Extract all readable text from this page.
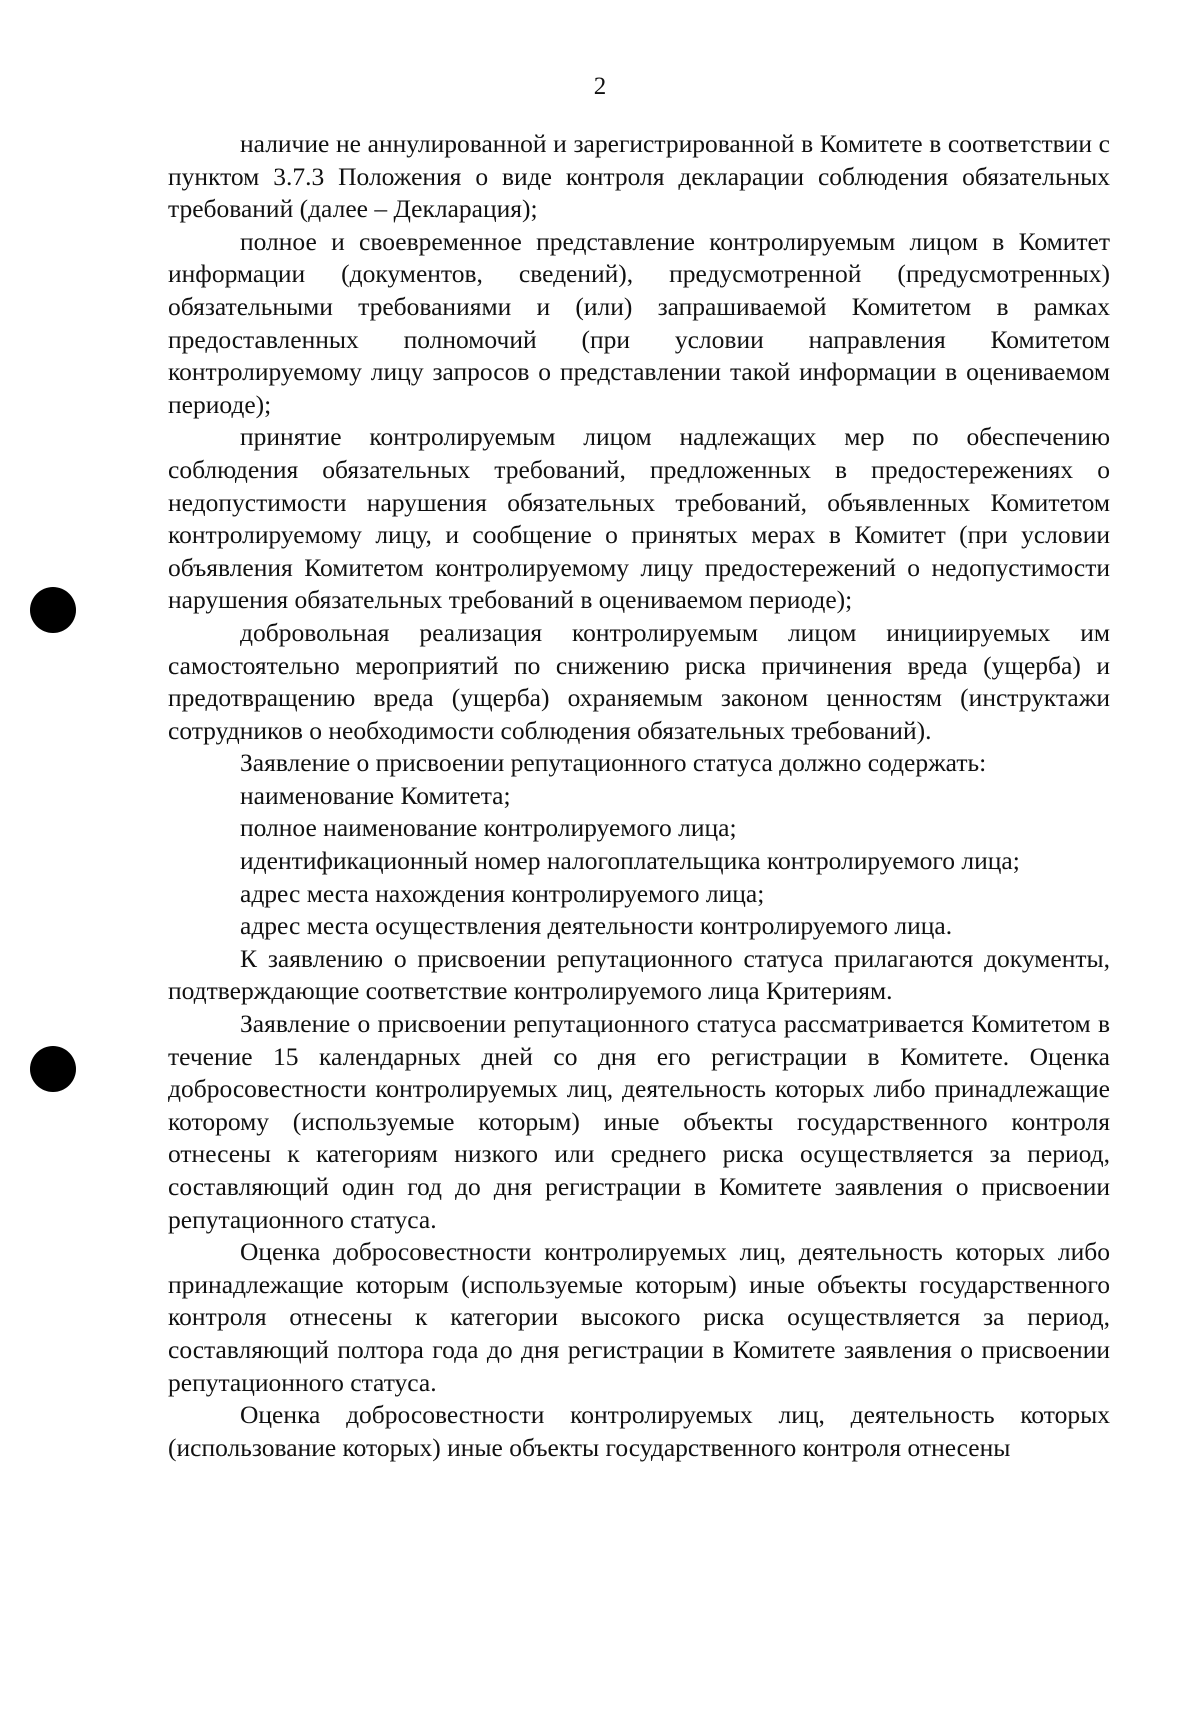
2

наличие не аннулированной и зарегистрированной в Комитете в соответствии с пунктом 3.7.3 Положения о виде контроля декларации соблюдения обязательных требований (далее – Декларация);

полное и своевременное представление контролируемым лицом в Комитет информации (документов, сведений), предусмотренной (предусмотренных) обязательными требованиями и (или) запрашиваемой Комитетом в рамках предоставленных полномочий (при условии направления Комитетом контролируемому лицу запросов о представлении такой информации в оцениваемом периоде);

принятие контролируемым лицом надлежащих мер по обеспечению соблюдения обязательных требований, предложенных в предостережениях о недопустимости нарушения обязательных требований, объявленных Комитетом контролируемому лицу, и сообщение о принятых мерах в Комитет (при условии объявления Комитетом контролируемому лицу предостережений о недопустимости нарушения обязательных требований в оцениваемом периоде);

добровольная реализация контролируемым лицом инициируемых им самостоятельно мероприятий по снижению риска причинения вреда (ущерба) и предотвращению вреда (ущерба) охраняемым законом ценностям (инструктажи сотрудников о необходимости соблюдения обязательных требований).

Заявление о присвоении репутационного статуса должно содержать:

наименование Комитета;

полное наименование контролируемого лица;

идентификационный номер налогоплательщика контролируемого лица;

адрес места нахождения контролируемого лица;

адрес места осуществления деятельности контролируемого лица.

К заявлению о присвоении репутационного статуса прилагаются документы, подтверждающие соответствие контролируемого лица Критериям.

Заявление о присвоении репутационного статуса рассматривается Комитетом в течение 15 календарных дней со дня его регистрации в Комитете. Оценка добросовестности контролируемых лиц, деятельность которых либо принадлежащие которому (используемые которым) иные объекты государственного контроля отнесены к категориям низкого или среднего риска осуществляется за период, составляющий один год до дня регистрации в Комитете заявления о присвоении репутационного статуса.

Оценка добросовестности контролируемых лиц, деятельность которых либо принадлежащие которым (используемые которым) иные объекты государственного контроля отнесены к категории высокого риска осуществляется за период, составляющий полтора года до дня регистрации в Комитете заявления о присвоении репутационного статуса.

Оценка добросовестности контролируемых лиц, деятельность которых (использование которых) иные объекты государственного контроля отнесены
